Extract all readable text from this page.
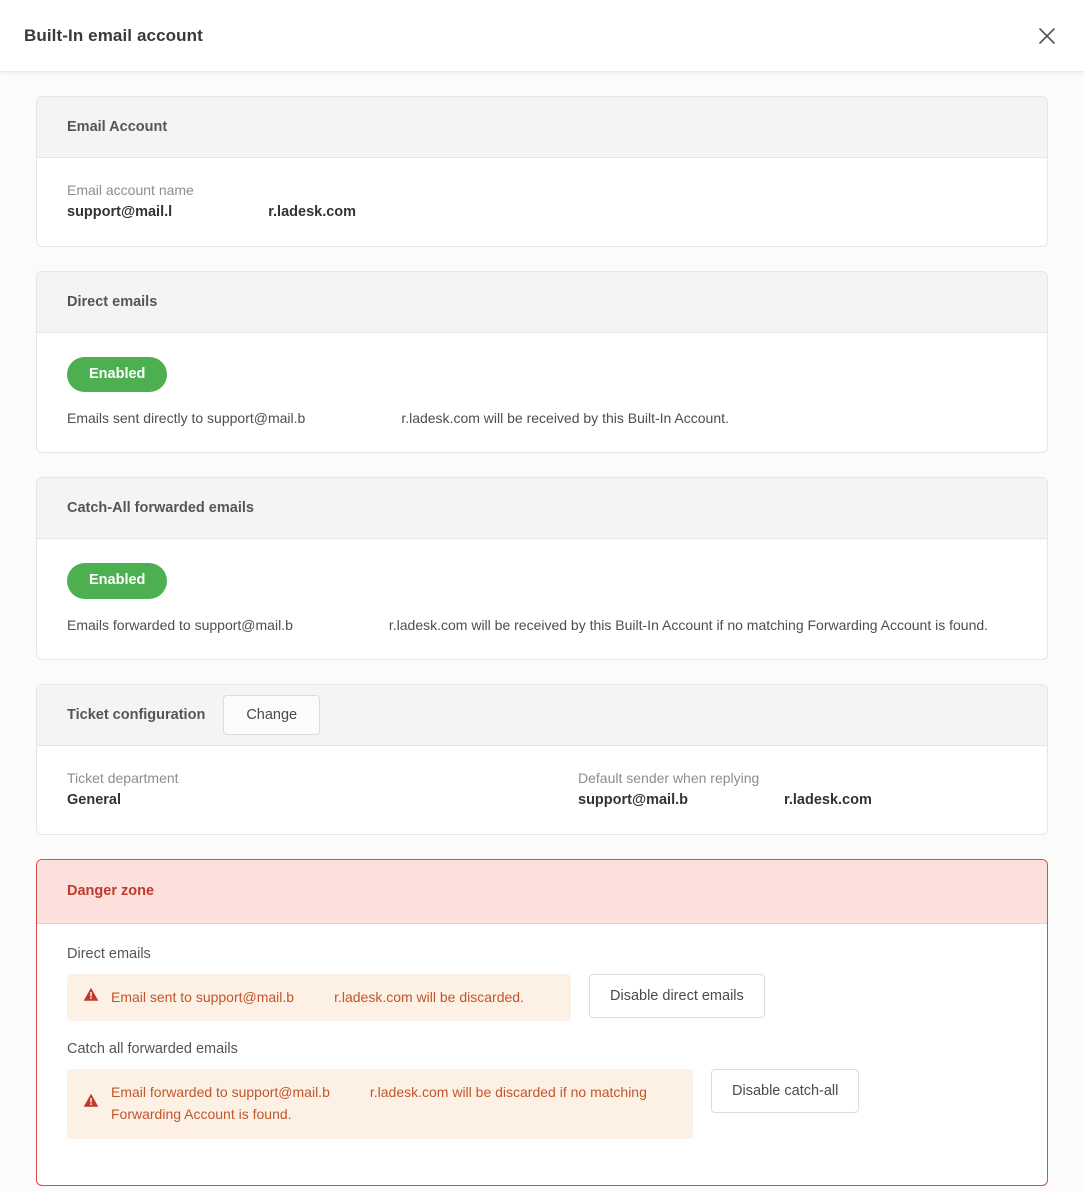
Built-In email account
Email Account
Email account name
support@mail.l	r.ladesk.com
Direct emails
Enabled
Emails sent directly to support@mail.b	r.ladesk.com will be received by this Built-In Account.
Catch-All forwarded emails
Enabled
Emails forwarded to support@mail.b	r.ladesk.com will be received by this Built-In Account if no matching Forwarding Account is found.
Ticket configuration	Change
Ticket department
General
Default sender when replying
support@mail.b	r.ladesk.com
Danger zone
Direct emails
Email sent to support@mail.b	r.ladesk.com will be discarded.	Disable direct emails
Catch all forwarded emails
Email forwarded to support@mail.b	r.ladesk.com will be discarded if no matching Forwarding Account is found.
Disable catch-all
